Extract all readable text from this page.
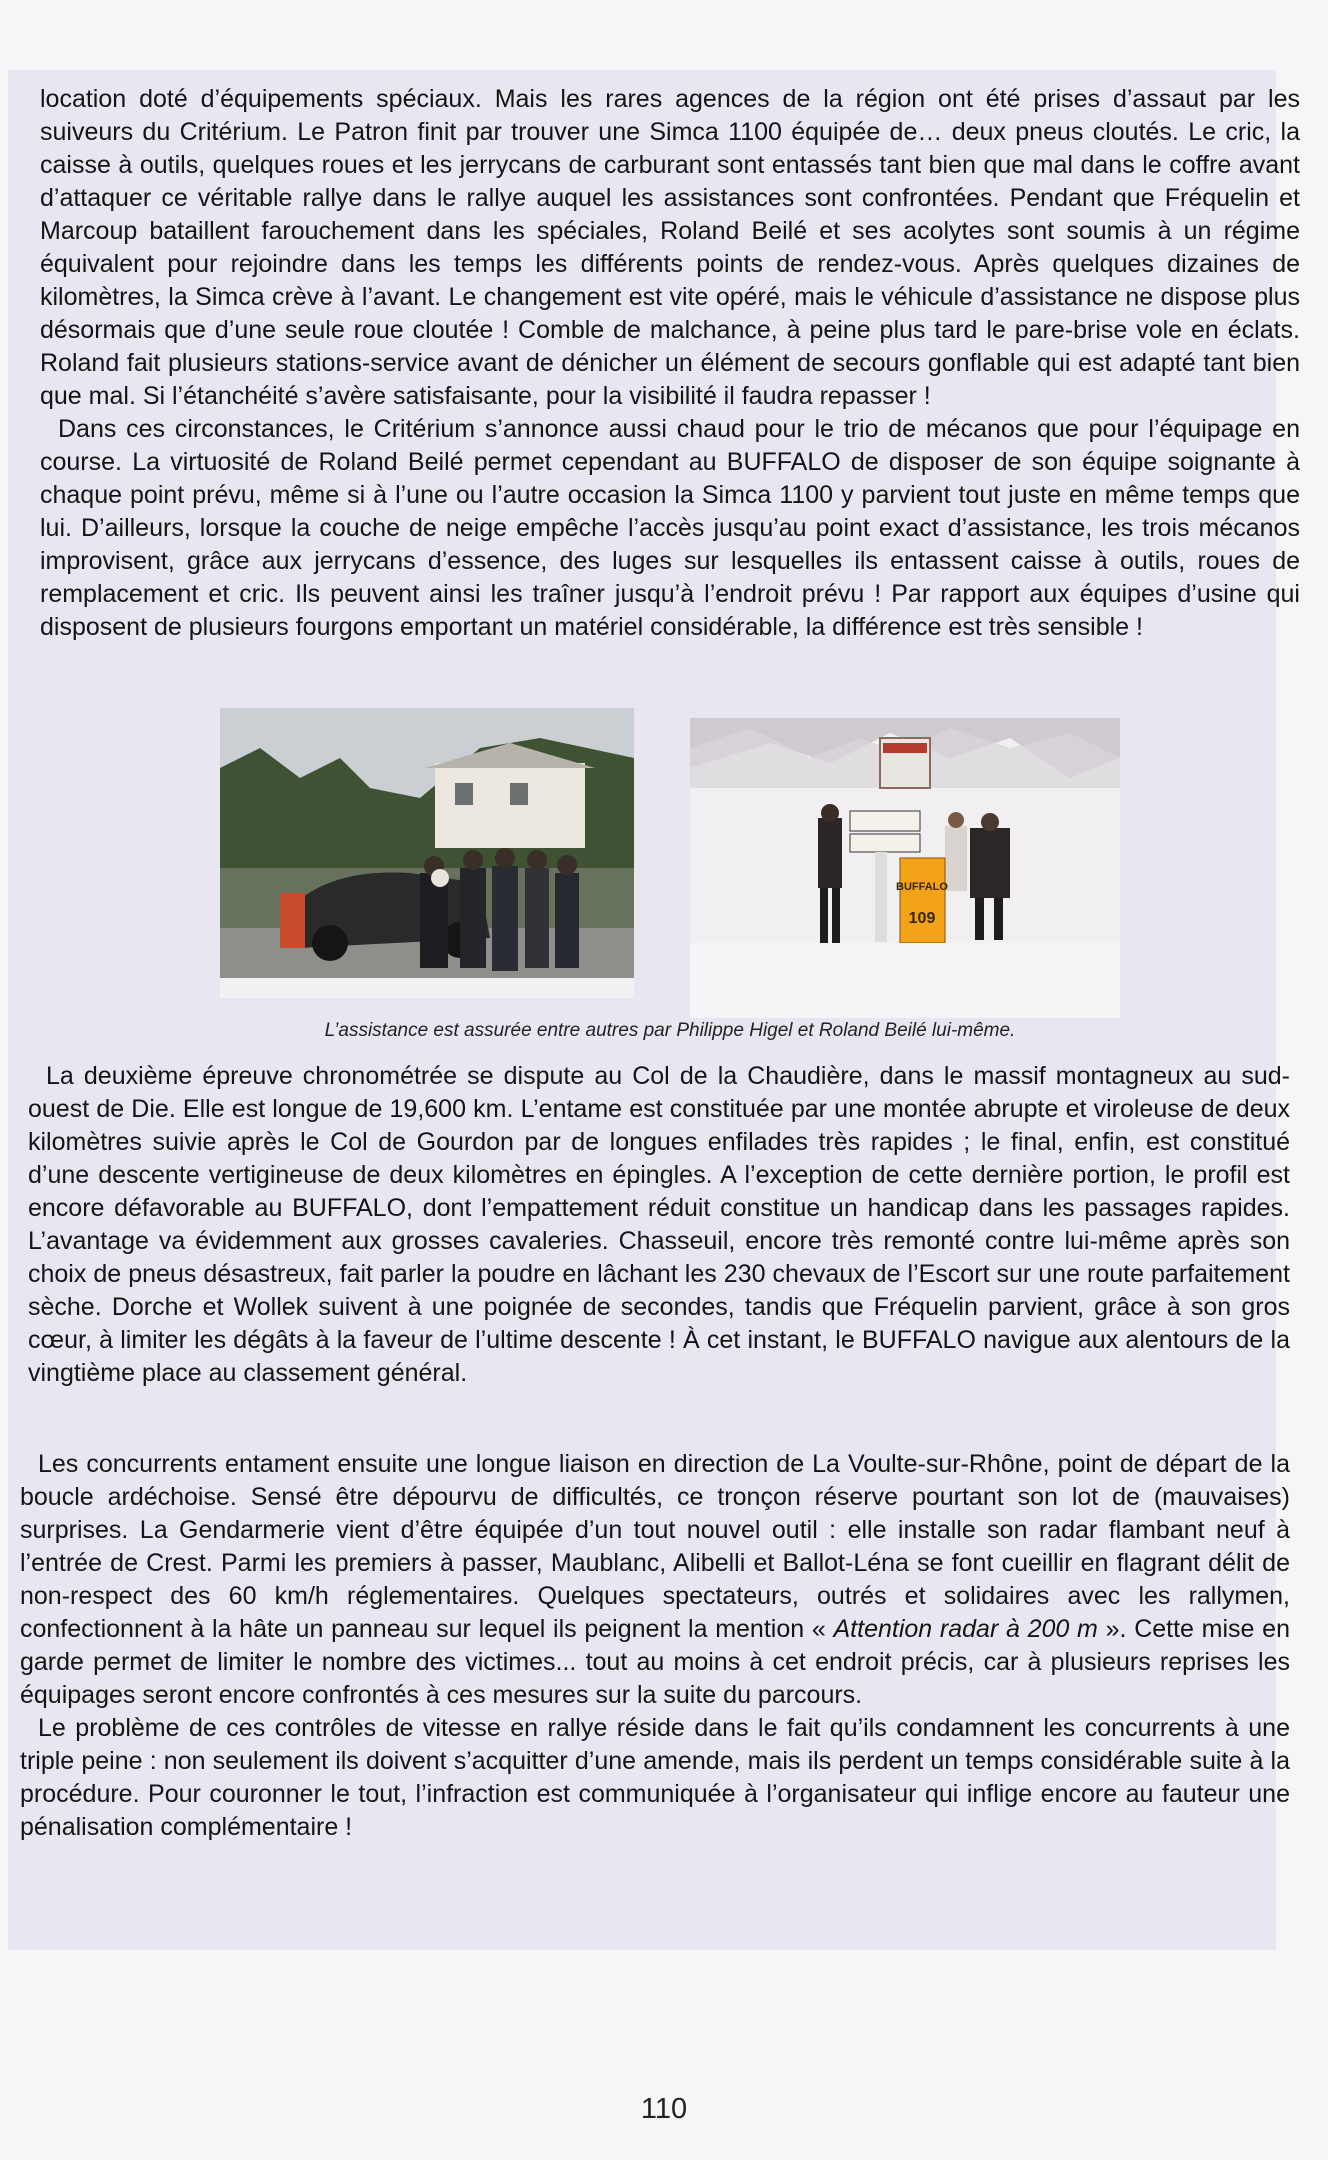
location doté d’équipements spéciaux. Mais les rares agences de la région ont été prises d’assaut par les suiveurs du Critérium. Le Patron finit par trouver une Simca 1100 équipée de… deux pneus cloutés. Le cric, la caisse à outils, quelques roues et les jerrycans de carburant sont entassés tant bien que mal dans le coffre avant d’attaquer ce véritable rallye dans le rallye auquel les assistances sont confrontées. Pendant que Fréquelin et Marcoup bataillent farouchement dans les spéciales, Roland Beilé et ses acolytes sont soumis à un régime équivalent pour rejoindre dans les temps les différents points de rendez-vous. Après quelques dizaines de kilomètres, la Simca crève à l’avant. Le changement est vite opéré, mais le véhicule d’assistance ne dispose plus désormais que d’une seule roue cloutée ! Comble de malchance, à peine plus tard le pare-brise vole en éclats. Roland fait plusieurs stations-service avant de dénicher un élément de secours gonflable qui est adapté tant bien que mal. Si l’étanchéité s’avère satisfaisante, pour la visibilité il faudra repasser !

Dans ces circonstances, le Critérium s’annonce aussi chaud pour le trio de mécanos que pour l’équipage en course. La virtuosité de Roland Beilé permet cependant au BUFFALO de disposer de son équipe soignante à chaque point prévu, même si à l’une ou l’autre occasion la Simca 1100 y parvient tout juste en même temps que lui. D’ailleurs, lorsque la couche de neige empêche l’accès jusqu’au point exact d’assistance, les trois mécanos improvisent, grâce aux jerrycans d’essence, des luges sur lesquelles ils entassent caisse à outils, roues de remplacement et cric. Ils peuvent ainsi les traîner jusqu’à l’endroit prévu ! Par rapport aux équipes d’usine qui disposent de plusieurs fourgons emportant un matériel considérable, la différence est très sensible !

BUFFALO
109
L’assistance est assurée entre autres par Philippe Higel et Roland Beilé lui-même.

La deuxième épreuve chronométrée se dispute au Col de la Chaudière, dans le massif montagneux au sud-ouest de Die. Elle est longue de 19,600 km. L’entame est constituée par une montée abrupte et viroleuse de deux kilomètres suivie après le Col de Gourdon par de longues enfilades très rapides ; le final, enfin, est constitué d’une descente vertigineuse de deux kilomètres en épingles. A l’exception de cette dernière portion, le profil est encore défavorable au BUFFALO, dont l’empattement réduit constitue un handicap dans les passages rapides. L’avantage va évidemment aux grosses cavaleries. Chasseuil, encore très remonté contre lui-même après son choix de pneus désastreux, fait parler la poudre en lâchant les 230 chevaux de l’Escort sur une route parfaitement sèche. Dorche et Wollek suivent à une poignée de secondes, tandis que Fréquelin parvient, grâce à son gros cœur, à limiter les dégâts à la faveur de l’ultime descente ! À cet instant, le BUFFALO navigue aux alentours de la vingtième place au classement général.

Les concurrents entament ensuite une longue liaison en direction de La Voulte-sur-Rhône, point de départ de la boucle ardéchoise. Sensé être dépourvu de difficultés, ce tronçon réserve pourtant son lot de (mauvaises) surprises. La Gendarmerie vient d’être équipée d’un tout nouvel outil : elle installe son radar flambant neuf à l’entrée de Crest. Parmi les premiers à passer, Maublanc, Alibelli et Ballot-Léna se font cueillir en flagrant délit de non-respect des 60 km/h réglementaires. Quelques spectateurs, outrés et solidaires avec les rallymen, confectionnent à la hâte un panneau sur lequel ils peignent la mention « Attention radar à 200 m ». Cette mise en garde permet de limiter le nombre des victimes... tout au moins à cet endroit précis, car à plusieurs reprises les équipages seront encore confrontés à ces mesures sur la suite du parcours.

Le problème de ces contrôles de vitesse en rallye réside dans le fait qu’ils condamnent les concurrents à une triple peine : non seulement ils doivent s’acquitter d’une amende, mais ils perdent un temps considérable suite à la procédure. Pour couronner le tout, l’infraction est communiquée à l’organisateur qui inflige encore au fauteur une pénalisation complémentaire !

110
